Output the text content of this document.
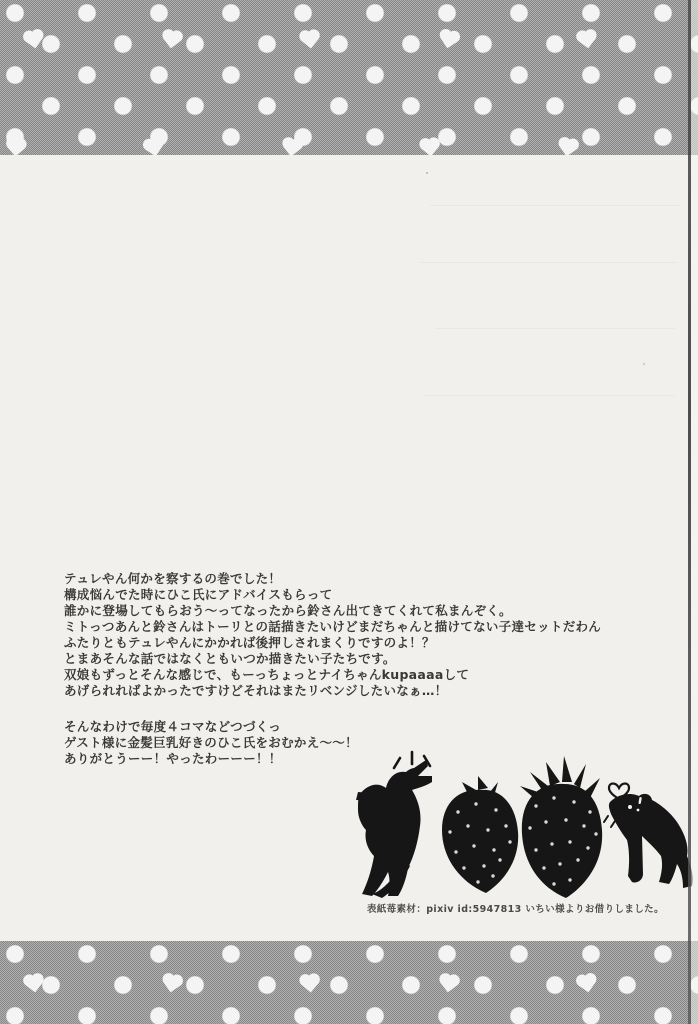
テュレやん何かを察するの巻でした！
構成悩んでた時にひこ氏にアドバイスもらって
誰かに登場してもらおう～ってなったから鈴さん出てきてくれて私まんぞく。
ミトっつあんと鈴さんはトーリとの話描きたいけどまだちゃんと描けてない子達セットだわん
ふたりともテュレやんにかかれば後押しされまくりですのよ！？
とまあそんな話ではなくともいつか描きたい子たちです。
双娘もずっとそんな感じで、もーっちょっとナイちゃんkupaaaaして
あげられればよかったですけどそれはまたリベンジしたいなぁ…！
そんなわけで毎度４コマなどつづくっ
ゲスト様に金髪巨乳好きのひこ氏をおむかえ～～！
ありがとうーー！やったわーーー！！
表紙苺素材：pixiv id:5947813 いちい様よりお借りしました。
